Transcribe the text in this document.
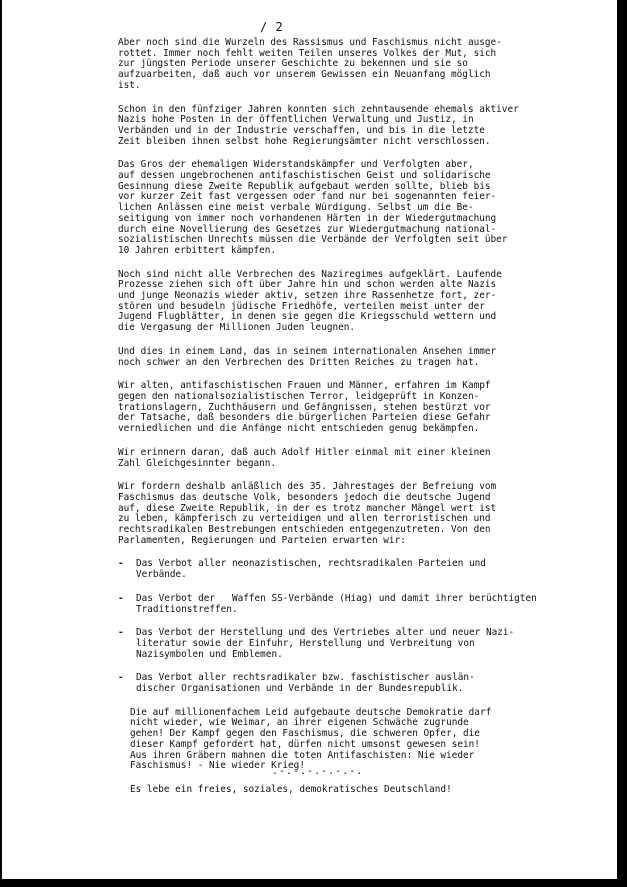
/ 2

Aber noch sind die Wurzeln des Rassismus und Faschismus nicht ausge-
rottet. Immer noch fehlt weiten Teilen unseres Volkes der Mut, sich
zur jüngsten Periode unserer Geschichte zu bekennen und sie so
aufzuarbeiten, daß auch vor unserem Gewissen ein Neuanfang möglich
ist.

Schon in den fünfziger Jahren konnten sich zehntausende ehemals aktiver
Nazis hohe Posten in der öffentlichen Verwaltung und Justiz, in
Verbänden und in der Industrie verschaffen, und bis in die letzte
Zeit bleiben ihnen selbst hohe Regierungsämter nicht verschlossen.

Das Gros der ehemaligen Widerstandskämpfer und Verfolgten aber,
auf dessen ungebrochenen antifaschistischen Geist und solidarische
Gesinnung diese Zweite Republik aufgebaut werden sollte, blieb bis
vor kurzer Zeit fast vergessen oder fand nur bei sogenannten feier-
lichen Anlässen eine meist verbale Würdigung. Selbst um die Be-
seitigung von immer noch vorhandenen Härten in der Wiedergutmachung
durch eine Novellierung des Gesetzes zur Wiedergutmachung national-
sozialistischen Unrechts müssen die Verbände der Verfolgten seit über
10 Jahren erbittert kämpfen.

Noch sind nicht alle Verbrechen des Naziregimes aufgeklärt. Laufende
Prozesse ziehen sich oft über Jahre hin und schon werden alte Nazis
und junge Neonazis wieder aktiv, setzen ihre Rassenhetze fort, zer-
stören und besudeln jüdische Friedhöfe, verteilen meist unter der
Jugend Flugblätter, in denen sie gegen die Kriegsschuld wettern und
die Vergasung der Millionen Juden leugnen.

Und dies in einem Land, das in seinem internationalen Ansehen immer
noch schwer an den Verbrechen des Dritten Reiches zu tragen hat.

Wir alten, antifaschistischen Frauen und Männer, erfahren im Kampf
gegen den nationalsozialistischen Terror, leidgeprüft in Konzen-
trationslagern, Zuchthäusern und Gefängnissen, stehen bestürzt vor
der Tatsache, daß besonders die bürgerlichen Parteien diese Gefahr
verniedlichen und die Anfänge nicht entschieden genug bekämpfen.

Wir erinnern daran, daß auch Adolf Hitler einmal mit einer kleinen
Zahl Gleichgesinnter begann.

Wir fordern deshalb anläßlich des 35. Jahrestages der Befreiung vom
Faschismus das deutsche Volk, besonders jedoch die deutsche Jugend
auf, diese Zweite Republik, in der es trotz mancher Mängel wert ist
zu leben, kämpferisch zu verteidigen und allen terroristischen und
rechtsradikalen Bestrebungen entschieden entgegenzutreten. Von den
Parlamenten, Regierungen und Parteien erwarten wir:

-	Das Verbot aller neonazistischen, rechtsradikalen Parteien und
Verbände.
-	Das Verbot der   Waffen SS-Verbände (Hiag) und damit ihrer berüchtigten
Traditionstreffen.
-	Das Verbot der Herstellung und des Vertriebes alter und neuer Nazi-
literatur sowie der Einfuhr, Herstellung und Verbreitung von
Nazisymbolen und Emblemen.
-	Das Verbot aller rechtsradikaler bzw. faschistischer auslän-
discher Organisationen und Verbände in der Bundesrepublik.

Die auf millionenfachem Leid aufgebaute deutsche Demokratie darf
nicht wieder, wie Weimar, an ihrer eigenen Schwäche zugrunde
gehen! Der Kampf gegen den Faschismus, die schweren Opfer, die
dieser Kampf gefordert hat, dürfen nicht umsonst gewesen sein!
Aus ihren Gräbern mahnen die toten Antifaschisten: Nie wieder
Faschismus! - Nie wieder Krieg!

Es lebe ein freies, soziales, demokratisches Deutschland!

.-.-.-.-.-.-.
